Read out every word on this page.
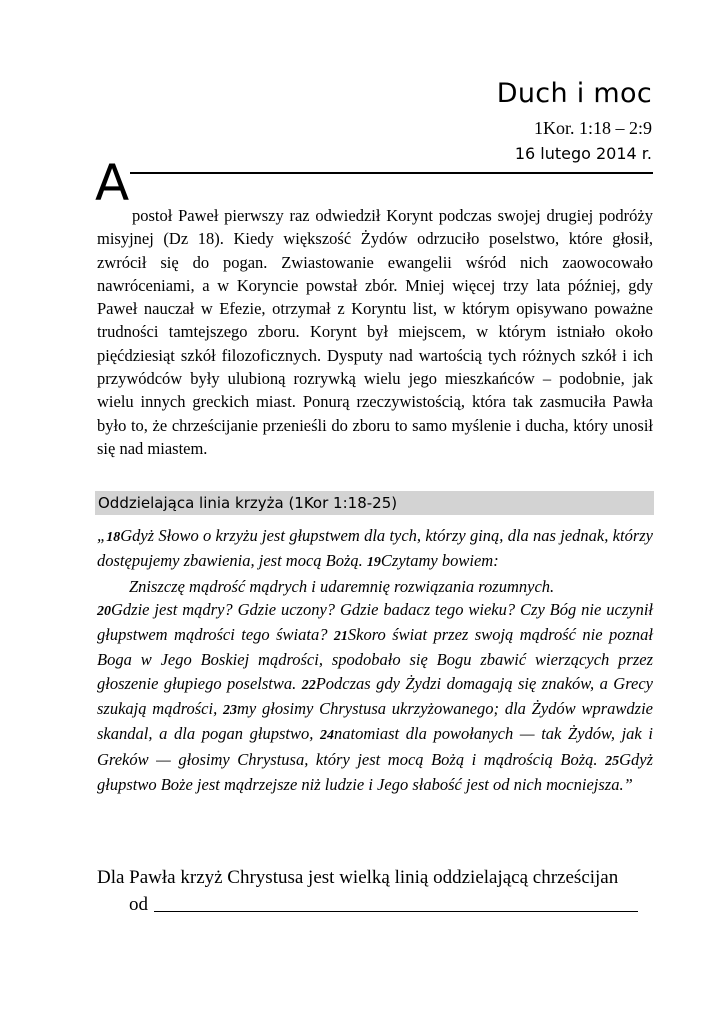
Duch i moc
1Kor. 1:18 – 2:9
16 lutego 2014 r.
A

postoł Paweł pierwszy raz odwiedził Korynt podczas swojej drugiej podróży misyjnej (Dz 18). Kiedy większość Żydów odrzuciło poselstwo, które głosił, zwrócił się do pogan. Zwiastowanie ewangelii wśród nich zaowocowało nawróceniami, a w Koryncie powstał zbór. Mniej więcej trzy lata później, gdy Paweł nauczał w Efezie, otrzymał z Koryntu list, w którym opisywano poważne trudności tamtejszego zboru. Korynt był miejscem, w którym istniało około pięćdziesiąt szkół filozoficznych. Dysputy nad wartością tych różnych szkół i ich przywódców były ulubioną rozrywką wielu jego mieszkańców – podobnie, jak wielu innych greckich miast. Ponurą rzeczywistością, która tak zasmuciła Pawła było to, że chrześcijanie przenieśli do zboru to samo myślenie i ducha, który unosił się nad miastem.

Oddzielająca linia krzyża (1Kor 1:18-25)

„18Gdyż Słowo o krzyżu jest głupstwem dla tych, którzy giną, dla nas jednak, którzy dostępujemy zbawienia, jest mocą Bożą. 19Czytamy bowiem:
Zniszczę mądrość mądrych i udaremnię rozwiązania rozumnych.
20Gdzie jest mądry? Gdzie uczony? Gdzie badacz tego wieku? Czy Bóg nie uczynił głupstwem mądrości tego świata? 21Skoro świat przez swoją mądrość nie poznał Boga w Jego Boskiej mądrości, spodobało się Bogu zbawić wierzących przez głoszenie głupiego poselstwa. 22Podczas gdy Żydzi domagają się znaków, a Grecy szukają mądrości, 23my głosimy Chrystusa ukrzyżowanego; dla Żydów wprawdzie skandal, a dla pogan głupstwo, 24natomiast dla powołanych — tak Żydów, jak i Greków — głosimy Chrystusa, który jest mocą Bożą i mądrością Bożą. 25Gdyż głupstwo Boże jest mądrzejsze niż ludzie i Jego słabość jest od nich mocniejsza.”

Dla Pawła krzyż Chrystusa jest wielką linią oddzielającą chrześcijan
od
